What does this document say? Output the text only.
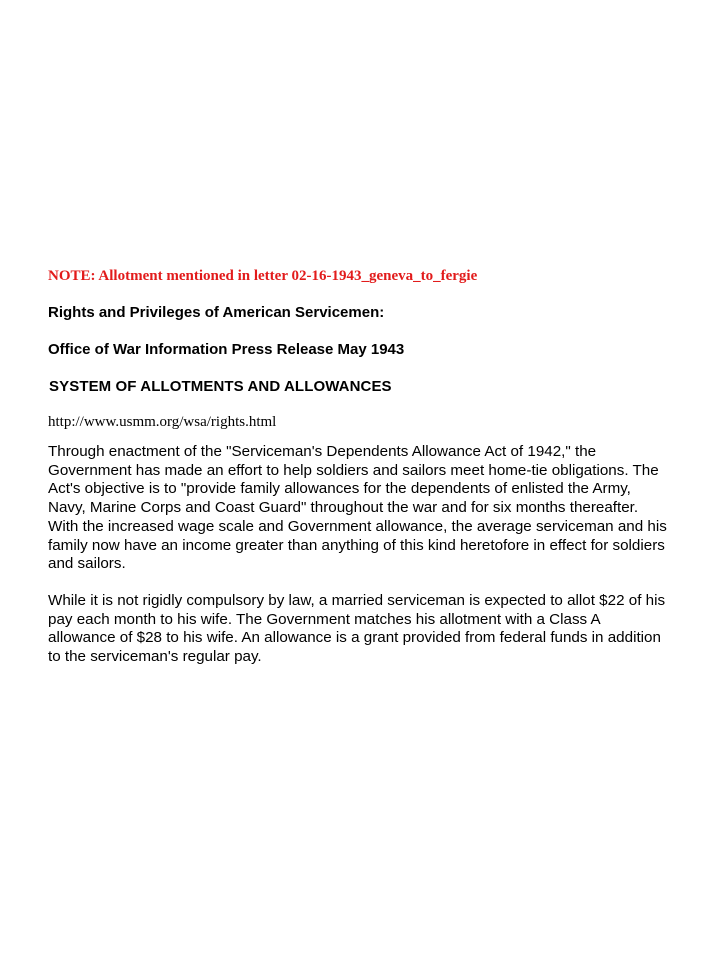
NOTE: Allotment mentioned in letter 02-16-1943_geneva_to_fergie

Rights and Privileges of American Servicemen:

Office of War Information Press Release May 1943

SYSTEM OF ALLOTMENTS AND ALLOWANCES

http://www.usmm.org/wsa/rights.html

Through enactment of the "Serviceman's Dependents Allowance Act of 1942," the Government has made an effort to help soldiers and sailors meet home-tie obligations. The Act's objective is to "provide family allowances for the dependents of enlisted the Army, Navy, Marine Corps and Coast Guard" throughout the war and for six months thereafter. With the increased wage scale and Government allowance, the average serviceman and his family now have an income greater than anything of this kind heretofore in effect for soldiers and sailors.

While it is not rigidly compulsory by law, a married serviceman is expected to allot $22 of his pay each month to his wife. The Government matches his allotment with a Class A allowance of $28 to his wife. An allowance is a grant provided from federal funds in addition to the serviceman's regular pay.
